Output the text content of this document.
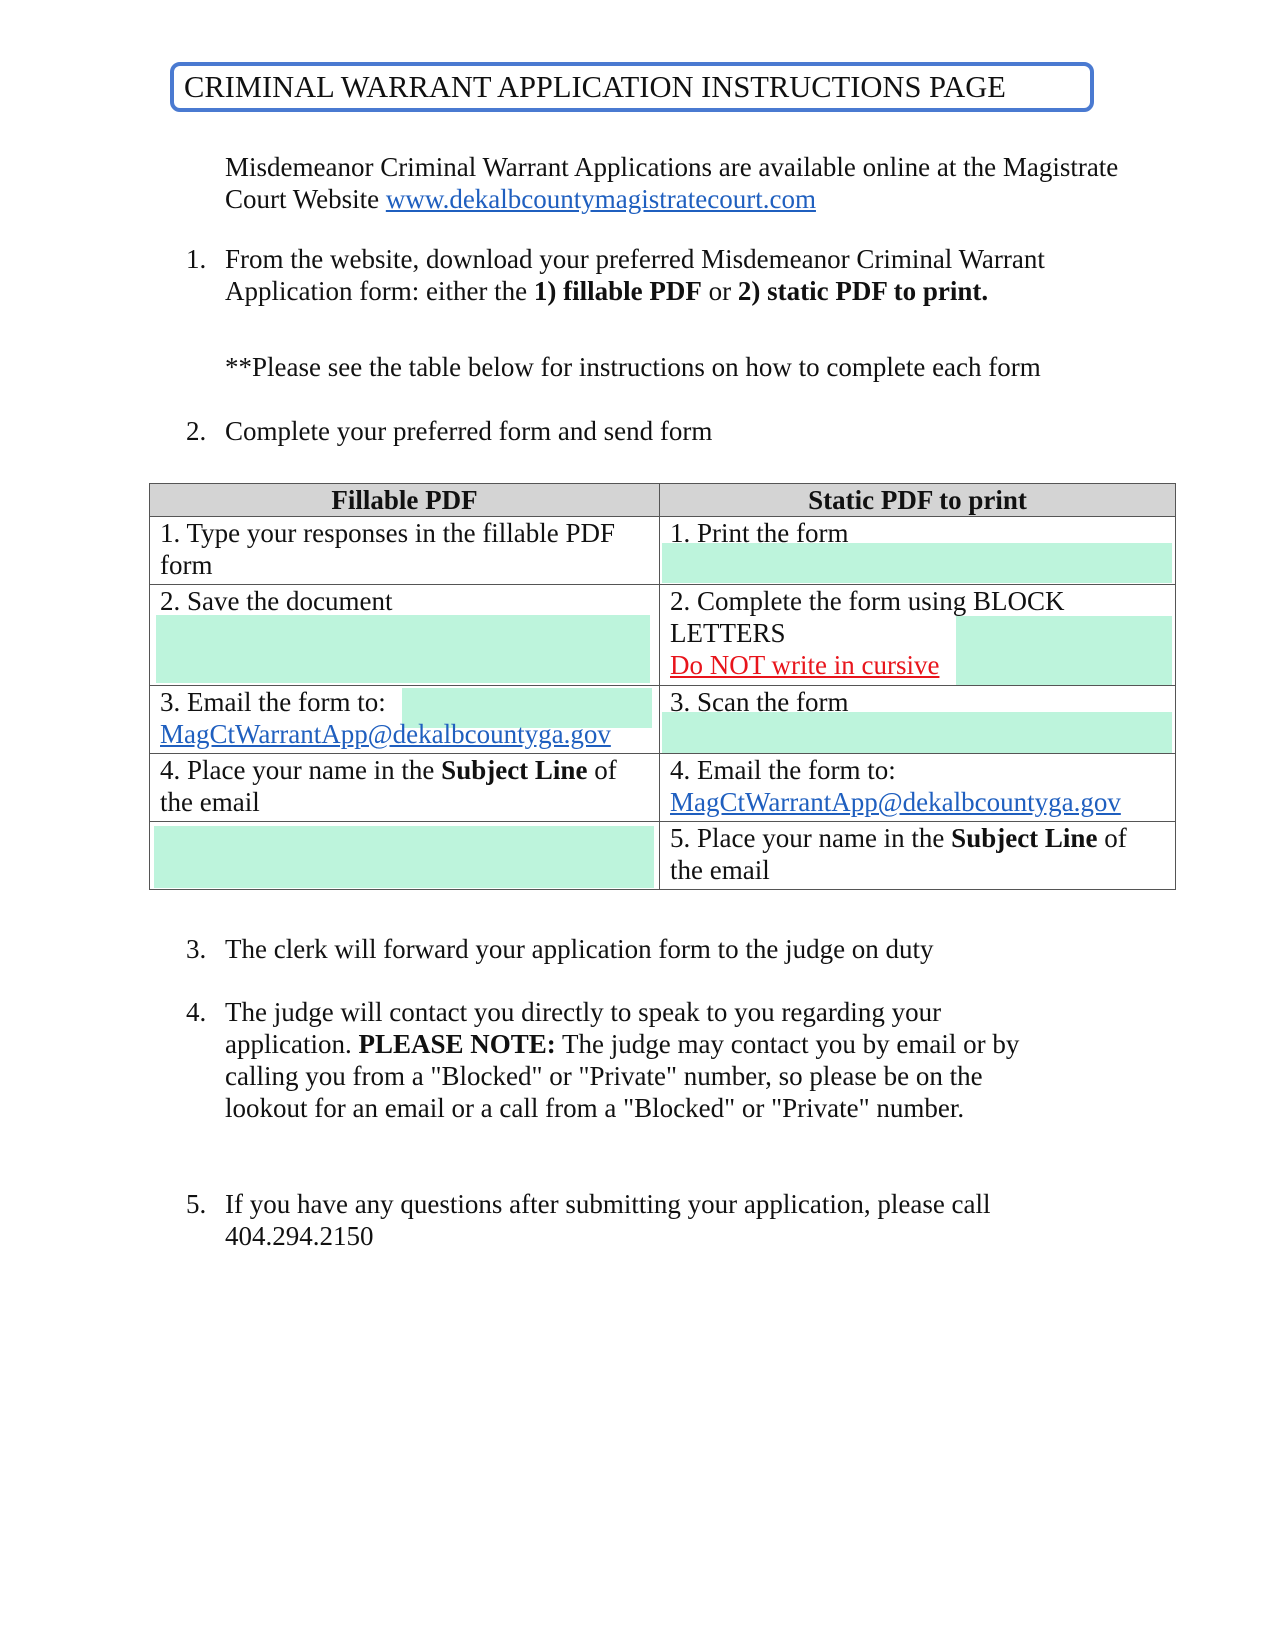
CRIMINAL WARRANT APPLICATION INSTRUCTIONS PAGE
Misdemeanor Criminal Warrant Applications are available online at the Magistrate Court Website www.dekalbcountymagistratecourt.com
1. From the website, download your preferred Misdemeanor Criminal Warrant Application form: either the 1) fillable PDF or 2) static PDF to print.
**Please see the table below for instructions on how to complete each form
2. Complete your preferred form and send form
Fillable PDF	Static PDF to print
1. Type your responses in the fillable PDF form	1. Print the form

2. Save the document	2. Complete the form using BLOCK LETTERS
Do NOT write in cursive

3. Email the form to:
MagCtWarrantApp@dekalbcountyga.gov	3. Scan the form
4. Place your name in the Subject Line of the email	4. Email the form to:
MagCtWarrantApp@dekalbcountyga.gov

	5. Place your name in the Subject Line of the email
3. The clerk will forward your application form to the judge on duty
4. The judge will contact you directly to speak to you regarding your application. PLEASE NOTE: The judge may contact you by email or by calling you from a "Blocked" or "Private" number, so please be on the lookout for an email or a call from a "Blocked" or "Private" number.
5. If you have any questions after submitting your application, please call 404.294.2150
